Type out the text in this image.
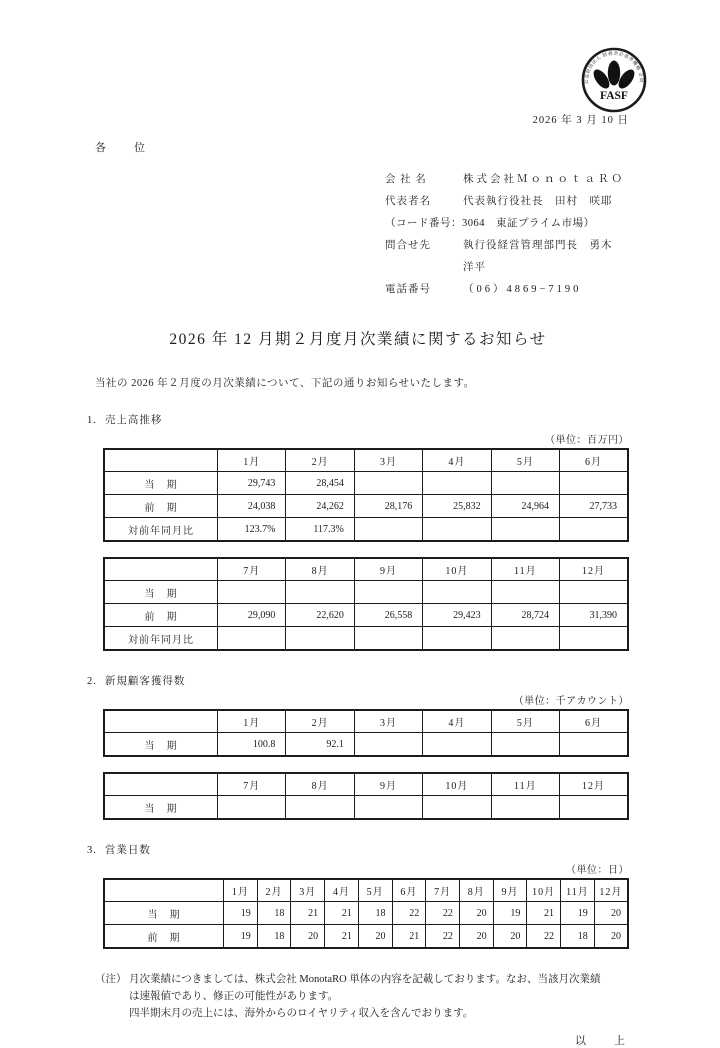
公益財団法人 財務会計基準機構 会員
FASF
2026 年 3 月 10 日
各　　位
会 社 名	株式会社ＭｏｎｏｔａＲＯ
代表者名	代表執行役社長　田村　咲耶
（コード番号：3064　東証プライム市場）
問合せ先	執行役経営管理部門長　勇木　洋平
電話番号	（06）4869−7190
2026 年 12 月期２月度月次業績に関するお知らせ

当社の 2026 年２月度の月次業績について、下記の通りお知らせいたします。

1. 売上高推移
（単位：百万円）
	1月	2月	3月	4月	5月	6月
当　期	29,743	28,454				
前　期	24,038	24,262	28,176	25,832	24,964	27,733
対前年同月比	123.7%	117.3%				
	7月	8月	9月	10月	11月	12月
当　期						
前　期	29,090	22,620	26,558	29,423	28,724	31,390
対前年同月比						
2. 新規顧客獲得数
（単位：千アカウント）
	1月	2月	3月	4月	5月	6月
当　期	100.8	92.1				
	7月	8月	9月	10月	11月	12月
当　期						
3. 営業日数
（単位：日）
	1月	2月	3月	4月	5月	6月	7月	8月	9月	10月	11月	12月
当　期	19	18	21	21	18	22	22	20	19	21	19	20
前　期	19	18	20	21	20	21	22	20	20	22	18	20
（注） 月次業績につきましては、株式会社 MonotaRO 単体の内容を記載しております。なお、当該月次業績は速報値であり、修正の可能性があります。

四半期末月の売上には、海外からのロイヤリティ収入を含んでおります。

以　　上
